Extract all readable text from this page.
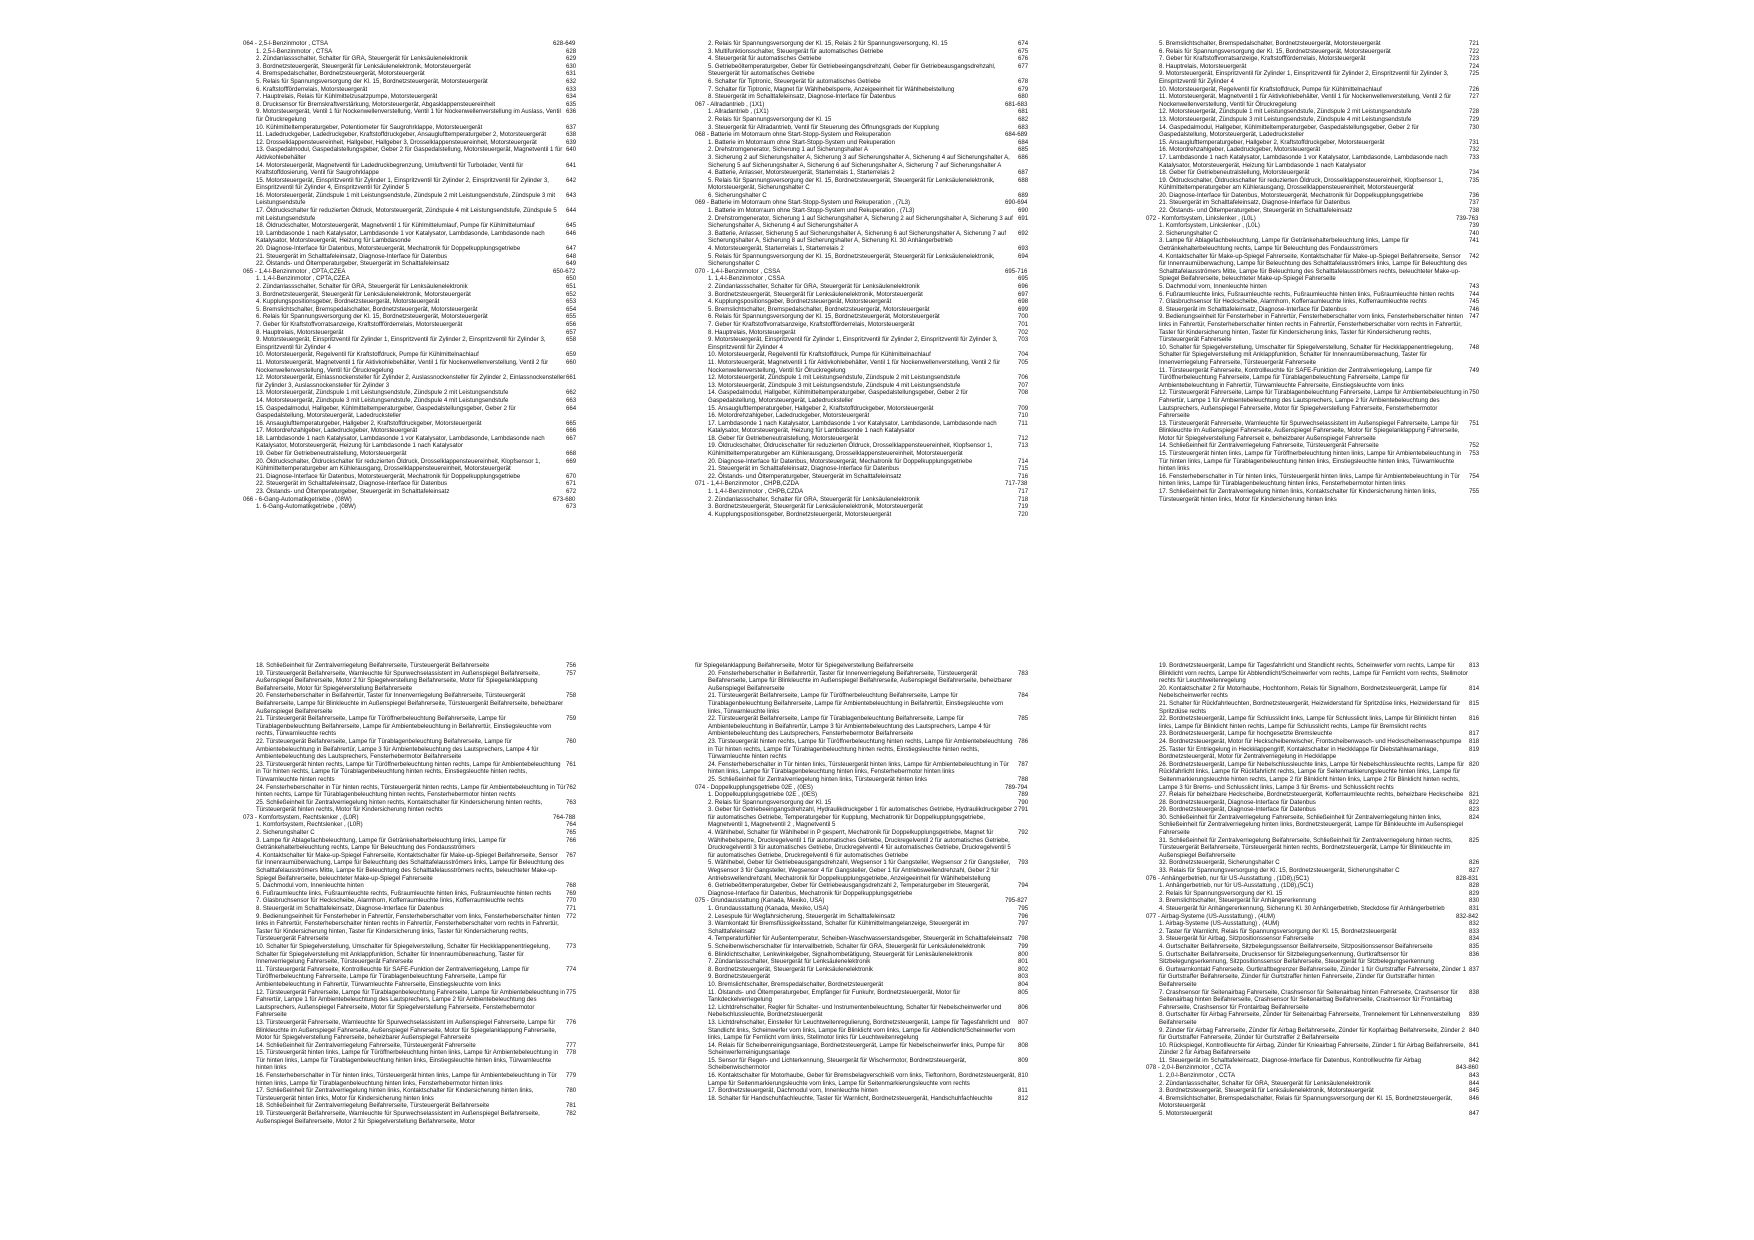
064 - 2,5-l-Benzinmotor , CTSA	628-649
1. 2,5-l-Benzinmotor , CTSA	628
2. Zündanlassschalter, Schalter für GRA, Steuergerät für Lenksäulenelektronik	629
3. Bordnetzsteuergerät, Steuergerät für Lenksäulenelektronik, Motorsteuergerät	630
4. Bremspedalschalter, Bordnetzsteuergerät, Motorsteuergerät	631
5. Relais für Spannungsversorgung der Kl. 15, Bordnetzsteuergerät, Motorsteuergerät	632
6. Kraftstoffförderrelais, Motorsteuergerät	633
7. Hauptrelais, Relais für Kühlmittelzusatzpumpe, Motorsteuergerät	634
8. Drucksensor für Bremskraftverstärkung, Motorsteuergerät, Abgasklappensteuereinheit	635
9. Motorsteuergerät, Ventil 1 für Nockenwellenverstellung, Ventil 1 für Nockenwellenverstellung im Auslass, Ventil für Ölruckregelung
636
10. Kühlmitteltemperaturgeber, Potentiometer für Saugrohrklappe, Motorsteuergerät	637
11. Ladedruckgeber, Ladedruckgeber, Kraftstoffdruckgeber, Ansauglufttemperaturgeber 2, Motorsteuergerät	638
12. Drosselklappensteuereinheit, Hallgeber, Hallgeber 3, Drosselklappensteuereinheit, Motorsteuergerät	639
13. Gaspedalmodul, Gaspedalstellungsgeber, Geber 2 für Gaspedalstellung, Motorsteuergerät, Magnetventil 1 für Aktivkohlebehälter
640
14. Motorsteuergerät, Magnetventil für Ladedruckbegrenzung, Umluftventil für Turbolader, Ventil für Kraftstoffdosierung, Ventil für Saugrohrklappe
641
15. Motorsteuergerät, Einspritzventil für Zylinder 1, Einspritzventil für Zylinder 2, Einspritzventil für Zylinder 3, Einspritzventil für Zylinder 4, Einspritzventil für Zylinder 5
642
16. Motorsteuergerät, Zündspule 1 mit Leistungsendstufe, Zündspule 2 mit Leistungsendstufe, Zündspule 3 mit Leistungsendstufe
643
17. Öldruckschalter für reduzierten Öldruck, Motorsteuergerät, Zündspule 4 mit Leistungsendstufe, Zündspule 5 mit Leistungsendstufe
644
18. Öldruckschalter, Motorsteuergerät, Magnetventil 1 für Kühlmittelumlauf, Pumpe für Kühlmittelumlauf	645
19. Lambdasonde 1 nach Katalysator, Lambdasonde 1 vor Katalysator, Lambdasonde, Lambdasonde nach Katalysator, Motorsteuergerät, Heizung für Lambdasonde
646
20. Diagnose-Interface für Datenbus, Motorsteuergerät, Mechatronik für Doppelkupplungsgetriebe	647
21. Steuergerät im Schalttafeleinsatz, Diagnose-Interface für Datenbus	648
22. Ölstands- und Öltemperaturgeber, Steuergerät im Schalttafeleinsatz	649
065 - 1,4-l-Benzinmotor , CPTA,CZEA	650-672
1. 1,4-l-Benzinmotor , CPTA,CZEA	650
2. Zündanlassschalter, Schalter für GRA, Steuergerät für Lenksäulenelektronik	651
3. Bordnetzsteuergerät, Steuergerät für Lenksäulenelektronik, Motorsteuergerät	652
4. Kupplungspositionsgeber, Bordnetzsteuergerät, Motorsteuergerät	653
5. Bremslichtschalter, Bremspedalschalter, Bordnetzsteuergerät, Motorsteuergerät	654
6. Relais für Spannungsversorgung der Kl. 15, Bordnetzsteuergerät, Motorsteuergerät	655
7. Geber für Kraftstoffvorratsanzeige, Kraftstoffförderrelais, Motorsteuergerät	656
8. Hauptrelais, Motorsteuergerät	657
9. Motorsteuergerät, Einspritzventil für Zylinder 1, Einspritzventil für Zylinder 2, Einspritzventil für Zylinder 3, Einspritzventil für Zylinder 4
658
10. Motorsteuergerät, Regelventil für Kraftstoffdruck, Pumpe für Kühlmittelnachlauf	659
11. Motorsteuergerät, Magnetventil 1 für Aktivkohlebehälter, Ventil 1 für Nockenwellenverstellung, Ventil 2 für Nockenwellenverstellung, Ventil für Ölruckregelung
660
12. Motorsteuergerät, Einlassnockensteller für Zylinder 2, Auslassnockensteller für Zylinder 2, Einlassnockensteller für Zylinder 3, Auslassnockensteller für Zylinder 3
661
13. Motorsteuergerät, Zündspule 1 mit Leistungsendstufe, Zündspule 2 mit Leistungsendstufe	662
14. Motorsteuergerät, Zündspule 3 mit Leistungsendstufe, Zündspule 4 mit Leistungsendstufe	663
15. Gaspedalmodul, Hallgeber, Kühlmitteltemperaturgeber, Gaspedalstellungsgeber, Geber 2 für Gaspedalstellung, Motorsteuergerät, Ladedrucksteller
664
16. Ansauglufttemperaturgeber, Hallgeber 2, Kraftstoffdruckgeber, Motorsteuergerät	665
17. Motordrehzahlgeber, Ladedruckgeber, Motorsteuergerät	666
18. Lambdasonde 1 nach Katalysator, Lambdasonde 1 vor Katalysator, Lambdasonde, Lambdasonde nach Katalysator, Motorsteuergerät, Heizung für Lambdasonde 1 nach Katalysator
667
19. Geber für Getriebeneutralstellung, Motorsteuergerät	668
20. Öldruckschalter, Öldruckschalter für reduzierten Öldruck, Drosselklappensteuereinheit, Klopfsensor 1, Kühlmitteltemperaturgeber am Kühlerausgang, Drosselklappensteuereinheit, Motorsteuergerät
669
21. Diagnose-Interface für Datenbus, Motorsteuergerät, Mechatronik für Doppelkupplungsgetriebe	670
22. Steuergerät im Schalttafeleinsatz, Diagnose-Interface für Datenbus	671
23. Ölstands- und Öltemperaturgeber, Steuergerät im Schalttafeleinsatz	672
066 - 6-Gang-Automatikgetriebe , (08W)	673-680
1. 6-Gang-Automatikgetriebe , (08W)	673
2. Relais für Spannungsversorgung der Kl. 15, Relais 2 für Spannungsversorgung, Kl. 15	674
3. Multifunktionsschalter, Steuergerät für automatisches Getriebe	675
4. Steuergerät für automatisches Getriebe	676
5. Getriebeöltemperaturgeber, Geber für Getriebeeingangsdrehzahl, Geber für Getriebeausgangsdrehzahl, Steuergerät für automatisches Getriebe
677
6. Schalter für Tiptronic, Steuergerät für automatisches Getriebe	678
7. Schalter für Tiptronic, Magnet für Wählhebelsperre, Anzeigeeinheit für Wählhebelstellung	679
8. Steuergerät im Schalttafeleinsatz, Diagnose-Interface für Datenbus	680
067 - Allradantrieb , (1X1)	681-683
1. Allradantrieb , (1X1)	681
2. Relais für Spannungsversorgung der Kl. 15	682
3. Steuergerät für Allradantrieb, Ventil für Steuerung des Öffnungsgrads der Kupplung	683
068 - Batterie im Motorraum ohne Start-Stopp-System und Rekuperation	684-689
1. Batterie im Motorraum ohne Start-Stopp-System und Rekuperation	684
2. Drehstromgenerator, Sicherung 1 auf Sicherungshalter A	685
3. Sicherung 2 auf Sicherungshalter A, Sicherung 3 auf Sicherungshalter A, Sicherung 4 auf Sicherungshalter A, Sicherung 5 auf Sicherungshalter A, Sicherung 6 auf Sicherungshalter A, Sicherung 7 auf Sicherungshalter A
686
4. Batterie, Anlasser, Motorsteuergerät, Starterrelais 1, Starterrelais 2	687
5. Relais für Spannungsversorgung der Kl. 15, Bordnetzsteuergerät, Steuergerät für Lenksäulenelektronik, Motorsteuergerät, Sicherungshalter C
688
6. Sicherungshalter C	689
069 - Batterie im Motorraum ohne Start-Stopp-System und Rekuperation , (7L3)	690-694
1. Batterie im Motorraum ohne Start-Stopp-System und Rekuperation , (7L3)	690
2. Drehstromgenerator, Sicherung 1 auf Sicherungshalter A, Sicherung 2 auf Sicherungshalter A, Sicherung 3 auf Sicherungshalter A, Sicherung 4 auf Sicherungshalter A
691
3. Batterie, Anlasser, Sicherung 5 auf Sicherungshalter A, Sicherung 6 auf Sicherungshalter A, Sicherung 7 auf Sicherungshalter A, Sicherung 8 auf Sicherungshalter A, Sicherung Kl. 30 Anhängerbetrieb
692
4. Motorsteuergerät, Starterrelais 1, Starterrelais 2	693
5. Relais für Spannungsversorgung der Kl. 15, Bordnetzsteuergerät, Steuergerät für Lenksäulenelektronik, Sicherungshalter C
694
070 - 1,4-l-Benzinmotor , CSSA	695-716
1. 1,4-l-Benzinmotor , CSSA	695
2. Zündanlassschalter, Schalter für GRA, Steuergerät für Lenksäulenelektronik	696
3. Bordnetzsteuergerät, Steuergerät für Lenksäulenelektronik, Motorsteuergerät	697
4. Kupplungspositionsgeber, Bordnetzsteuergerät, Motorsteuergerät	698
5. Bremslichtschalter, Bremspedalschalter, Bordnetzsteuergerät, Motorsteuergerät	699
6. Relais für Spannungsversorgung der Kl. 15, Bordnetzsteuergerät, Motorsteuergerät	700
7. Geber für Kraftstoffvorratsanzeige, Kraftstoffförderrelais, Motorsteuergerät	701
8. Hauptrelais, Motorsteuergerät	702
9. Motorsteuergerät, Einspritzventil für Zylinder 1, Einspritzventil für Zylinder 2, Einspritzventil für Zylinder 3, Einspritzventil für Zylinder 4
703
10. Motorsteuergerät, Regelventil für Kraftstoffdruck, Pumpe für Kühlmittelnachlauf	704
11. Motorsteuergerät, Magnetventil 1 für Aktivkohlebehälter, Ventil 1 für Nockenwellenverstellung, Ventil 2 für Nockenwellenverstellung, Ventil für Ölruckregelung
705
12. Motorsteuergerät, Zündspule 1 mit Leistungsendstufe, Zündspule 2 mit Leistungsendstufe	706
13. Motorsteuergerät, Zündspule 3 mit Leistungsendstufe, Zündspule 4 mit Leistungsendstufe	707
14. Gaspedalmodul, Hallgeber, Kühlmitteltemperaturgeber, Gaspedalstellungsgeber, Geber 2 für Gaspedalstellung, Motorsteuergerät, Ladedrucksteller
708
15. Ansauglufttemperaturgeber, Hallgeber 2, Kraftstoffdruckgeber, Motorsteuergerät	709
16. Motordrehzahlgeber, Ladedruckgeber, Motorsteuergerät	710
17. Lambdasonde 1 nach Katalysator, Lambdasonde 1 vor Katalysator, Lambdasonde, Lambdasonde nach Katalysator, Motorsteuergerät, Heizung für Lambdasonde 1 nach Katalysator
711
18. Geber für Getriebeneutralstellung, Motorsteuergerät	712
19. Öldruckschalter, Öldruckschalter für reduzierten Öldruck, Drosselklappensteuereinheit, Klopfsensor 1, Kühlmitteltemperaturgeber am Kühlerausgang, Drosselklappensteuereinheit, Motorsteuergerät
713
20. Diagnose-Interface für Datenbus, Motorsteuergerät, Mechatronik für Doppelkupplungsgetriebe	714
21. Steuergerät im Schalttafeleinsatz, Diagnose-Interface für Datenbus	715
22. Ölstands- und Öltemperaturgeber, Steuergerät im Schalttafeleinsatz	716
071 - 1,4-l-Benzinmotor , CHPB,CZDA	717-738
1. 1,4-l-Benzinmotor , CHPB,CZDA	717
2. Zündanlassschalter, Schalter für GRA, Steuergerät für Lenksäulenelektronik	718
3. Bordnetzsteuergerät, Steuergerät für Lenksäulenelektronik, Motorsteuergerät	719
4. Kupplungspositionsgeber, Bordnetzsteuergerät, Motorsteuergerät	720
5. Bremslichtschalter, Bremspedalschalter, Bordnetzsteuergerät, Motorsteuergerät	721
6. Relais für Spannungsversorgung der Kl. 15, Bordnetzsteuergerät, Motorsteuergerät	722
7. Geber für Kraftstoffvorratsanzeige, Kraftstoffförderrelais, Motorsteuergerät	723
8. Hauptrelais, Motorsteuergerät	724
9. Motorsteuergerät, Einspritzventil für Zylinder 1, Einspritzventil für Zylinder 2, Einspritzventil für Zylinder 3, Einspritzventil für Zylinder 4
725
10. Motorsteuergerät, Regelventil für Kraftstoffdruck, Pumpe für Kühlmittelnachlauf	726
11. Motorsteuergerät, Magnetventil 1 für Aktivkohlebehälter, Ventil 1 für Nockenwellenverstellung, Ventil 2 für Nockenwellenverstellung, Ventil für Ölruckregelung
727
12. Motorsteuergerät, Zündspule 1 mit Leistungsendstufe, Zündspule 2 mit Leistungsendstufe	728
13. Motorsteuergerät, Zündspule 3 mit Leistungsendstufe, Zündspule 4 mit Leistungsendstufe	729
14. Gaspedalmodul, Hallgeber, Kühlmitteltemperaturgeber, Gaspedalstellungsgeber, Geber 2 für Gaspedalstellung, Motorsteuergerät, Ladedrucksteller
730
15. Ansauglufttemperaturgeber, Hallgeber 2, Kraftstoffdruckgeber, Motorsteuergerät	731
16. Motordrehzahlgeber, Ladedruckgeber, Motorsteuergerät	732
17. Lambdasonde 1 nach Katalysator, Lambdasonde 1 vor Katalysator, Lambdasonde, Lambdasonde nach Katalysator, Motorsteuergerät, Heizung für Lambdasonde 1 nach Katalysator
733
18. Geber für Getriebeneutralstellung, Motorsteuergerät	734
19. Öldruckschalter, Öldruckschalter für reduzierten Öldruck, Drosselklappensteuereinheit, Klopfsensor 1, Kühlmitteltemperaturgeber am Kühlerausgang, Drosselklappensteuereinheit, Motorsteuergerät
735
20. Diagnose-Interface für Datenbus, Motorsteuergerät, Mechatronik für Doppelkupplungsgetriebe	736
21. Steuergerät im Schalttafeleinsatz, Diagnose-Interface für Datenbus	737
22. Ölstands- und Öltemperaturgeber, Steuergerät im Schalttafeleinsatz	738
072 - Komfortsystem, Linkslenker , (L0L)	739-763
1. Komfortsystem, Linkslenker , (L0L)	739
2. Sicherungshalter C	740
3. Lampe für Ablagefachbeleuchtung, Lampe für Getränkehalterbeleuchtung links, Lampe für Getränkehalterbeleuchtung rechts, Lampe für Beleuchtung des Fondausströmers
741
4. Kontaktschalter für Make-up-Spiegel Fahrerseite, Kontaktschalter für Make-up-Spiegel Beifahrerseite, Sensor für Innenraumüberwachung, Lampe für Beleuchtung des Schalttafelausströmers links, Lampe für Beleuchtung des Schalttafelausströmers Mitte, Lampe für Beleuchtung des Schalttafelausströmers rechts, beleuchteter Make-up-Spiegel Beifahrerseite, beleuchteter Make-up-Spiegel Fahrerseite
742
5. Dachmodul vorn, Innenleuchte hinten	743
6. Fußraumleuchte links, Fußraumleuchte rechts, Fußraumleuchte hinten links, Fußraumleuchte hinten rechts	744
7. Glasbruchsensor für Heckscheibe, Alarmhorn, Kofferraumleuchte links, Kofferraumleuchte rechts	745
8. Steuergerät im Schalttafeleinsatz, Diagnose-Interface für Datenbus	746
9. Bedienungseinheit für Fensterheber in Fahrertür, Fensterheberschalter vorn links, Fensterheberschalter hinten links in Fahrertür, Fensterheberschalter hinten rechts in Fahrertür, Fensterheberschalter vorn rechts in Fahrertür, Taster für Kindersicherung hinten, Taster für Kindersicherung links, Taster für Kindersicherung rechts, Türsteuergerät Fahrerseite
747
10. Schalter für Spiegelverstellung, Umschalter für Spiegelverstellung, Schalter für Heckklappenentriegelung, Schalter für Spiegelverstellung mit Anklappfunktion, Schalter für Innenraumüberwachung, Taster für Innenverriegelung Fahrerseite, Türsteuergerät Fahrerseite
748
11. Türsteuergerät Fahrerseite, Kontrollleuchte für SAFE-Funktion der Zentralverriegelung, Lampe für Türöffnerbeleuchtung Fahrerseite, Lampe für Türablagenbeleuchtung Fahrerseite, Lampe für Ambientebeleuchtung in Fahrertür, Türwarnleuchte Fahrerseite, Einstiegsleuchte vorn links
749
12. Türsteuergerät Fahrerseite, Lampe für Türablagenbeleuchtung Fahrerseite, Lampe für Ambientebeleuchtung in Fahrertür, Lampe 1 für Ambientebeleuchtung des Lautsprechers, Lampe 2 für Ambientebeleuchtung des Lautsprechers, Außenspiegel Fahrerseite, Motor für Spiegelverstellung Fahrerseite, Fensterhebermotor Fahrerseite
750
13. Türsteuergerät Fahrerseite, Warnleuchte für Spurwechselassistent im Außenspiegel Fahrerseite, Lampe für Blinkleuchte im Außenspiegel Fahrerseite, Außenspiegel Fahrerseite, Motor für Spiegelanklappung Fahrerseite, Motor für Spiegelverstellung Fahrerseit e, beheizbarer Außenspiegel Fahrerseite
751
14. Schließeinheit für Zentralverriegelung Fahrerseite, Türsteuergerät Fahrerseite	752
15. Türsteuergerät hinten links, Lampe für Türöffnerbeleuchtung hinten links, Lampe für Ambientebeleuchtung in Tür hinten links, Lampe für Türablagenbeleuchtung hinten links, Einstiegsleuchte hinten links, Türwarnleuchte hinten links
753
16. Fensterheberschalter in Tür hinten links, Türsteuergerät hinten links, Lampe für Ambientebeleuchtung in Tür hinten links, Lampe für Türablagenbeleuchtung hinten links, Fensterhebermotor hinten links
754
17. Schließeinheit für Zentralverriegelung hinten links, Kontaktschalter für Kindersicherung hinten links, Türsteuergerät hinten links, Motor für Kindersicherung hinten links
755
18. Schließeinheit für Zentralverriegelung Beifahrerseite, Türsteuergerät Beifahrerseite	756
19. Türsteuergerät Beifahrerseite, Warnleuchte für Spurwechselassistent im Außenspiegel Beifahrerseite, Außenspiegel Beifahrerseite, Motor 2 für Spiegelverstellung Beifahrerseite, Motor für Spiegelanklappung Beifahrerseite, Motor für Spiegelverstellung Beifahrerseite
757
20. Fensterheberschalter in Beifahrertür, Taster für Innenverriegelung Beifahrerseite, Türsteuergerät Beifahrerseite, Lampe für Blinkleuchte im Außenspiegel Beifahrerseite, Türsteuergerät Beifahrerseite, beheizbarer Außenspiegel Beifahrerseite
758
21. Türsteuergerät Beifahrerseite, Lampe für Türöffnerbeleuchtung Beifahrerseite, Lampe für Türablagenbeleuchtung Beifahrerseite, Lampe für Ambientebeleuchtung in Beifahrertür, Einstiegsleuchte vorn rechts, Türwarnleuchte rechts
759
22. Türsteuergerät Beifahrerseite, Lampe für Türablagenbeleuchtung Beifahrerseite, Lampe für Ambientebeleuchtung in Beifahrertür, Lampe 3 für Ambientebeleuchtung des Lautsprechers, Lampe 4 für Ambientebeleuchtung des Lautsprechers, Fensterhebermotor Beifahrerseite
760
23. Türsteuergerät hinten rechts, Lampe für Türöffnerbeleuchtung hinten rechts, Lampe für Ambientebeleuchtung in Tür hinten rechts, Lampe für Türablagenbeleuchtung hinten rechts, Einstiegsleuchte hinten rechts, Türwarnleuchte hinten rechts
761
24. Fensterheberschalter in Tür hinten rechts, Türsteuergerät hinten rechts, Lampe für Ambientebeleuchtung in Tür hinten rechts, Lampe für Türablagenbeleuchtung hinten rechts, Fensterhebermotor hinten rechts
762
25. Schließeinheit für Zentralverriegelung hinten rechts, Kontaktschalter für Kindersicherung hinten rechts, Türsteuergerät hinten rechts, Motor für Kindersicherung hinten rechts
763
073 - Komfortsystem, Rechtslenker , (L0R)	764-788
1. Komfortsystem, Rechtslenker , (L0R)	764
2. Sicherungshalter C	765
3. Lampe für Ablagefachbeleuchtung, Lampe für Getränkehalterbeleuchtung links, Lampe für Getränkehalterbeleuchtung rechts, Lampe für Beleuchtung des Fondausströmers
766
4. Kontaktschalter für Make-up-Spiegel Fahrerseite, Kontaktschalter für Make-up-Spiegel Beifahrerseite, Sensor für Innenraumüberwachung, Lampe für Beleuchtung des Schalttafelausströmers links, Lampe für Beleuchtung des Schalttafelausströmers Mitte, Lampe für Beleuchtung des Schalttafelausströmers rechts, beleuchteter Make-up-Spiegel Beifahrerseite, beleuchteter Make-up-Spiegel Fahrerseite
767
5. Dachmodul vorn, Innenleuchte hinten	768
6. Fußraumleuchte links, Fußraumleuchte rechts, Fußraumleuchte hinten links, Fußraumleuchte hinten rechts	769
7. Glasbruchsensor für Heckscheibe, Alarmhorn, Kofferraumleuchte links, Kofferraumleuchte rechts	770
8. Steuergerät im Schalttafeleinsatz, Diagnose-Interface für Datenbus	771
9. Bedienungseinheit für Fensterheber in Fahrertür, Fensterheberschalter vorn links, Fensterheberschalter hinten links in Fahrertür, Fensterheberschalter hinten rechts in Fahrertür, Fensterheberschalter vorn rechts in Fahrertür, Taster für Kindersicherung hinten, Taster für Kindersicherung links, Taster für Kindersicherung rechts, Türsteuergerät Fahrerseite
772
10. Schalter für Spiegelverstellung, Umschalter für Spiegelverstellung, Schalter für Heckklappenentriegelung, Schalter für Spiegelverstellung mit Anklappfunktion, Schalter für Innenraumüberwachung, Taster für Innenverriegelung Fahrerseite, Türsteuergerät Fahrerseite
773
11. Türsteuergerät Fahrerseite, Kontrollleuchte für SAFE-Funktion der Zentralverriegelung, Lampe für Türöffnerbeleuchtung Fahrerseite, Lampe für Türablagenbeleuchtung Fahrerseite, Lampe für Ambientebeleuchtung in Fahrertür, Türwarnleuchte Fahrerseite, Einstiegsleuchte vorn links
774
12. Türsteuergerät Fahrerseite, Lampe für Türablagenbeleuchtung Fahrerseite, Lampe für Ambientebeleuchtung in Fahrertür, Lampe 1 für Ambientebeleuchtung des Lautsprechers, Lampe 2 für Ambientebeleuchtung des Lautsprechers, Außenspiegel Fahrerseite, Motor für Spiegelverstellung Fahrerseite, Fensterhebermotor Fahrerseite
775
13. Türsteuergerät Fahrerseite, Warnleuchte für Spurwechselassistent im Außenspiegel Fahrerseite, Lampe für Blinkleuchte im Außenspiegel Fahrerseite, Außenspiegel Fahrerseite, Motor für Spiegelanklappung Fahrerseite, Motor für Spiegelverstellung Fahrerseite, beheizbarer Außenspiegel Fahrerseite
776
14. Schließeinheit für Zentralverriegelung Fahrerseite, Türsteuergerät Fahrerseite	777
15. Türsteuergerät hinten links, Lampe für Türöffnerbeleuchtung hinten links, Lampe für Ambientebeleuchtung in Tür hinten links, Lampe für Türablagenbeleuchtung hinten links, Einstiegsleuchte hinten links, Türwarnleuchte hinten links
778
16. Fensterheberschalter in Tür hinten links, Türsteuergerät hinten links, Lampe für Ambientebeleuchtung in Tür hinten links, Lampe für Türablagenbeleuchtung hinten links, Fensterhebermotor hinten links
779
17. Schließeinheit für Zentralverriegelung hinten links, Kontaktschalter für Kindersicherung hinten links, Türsteuergerät hinten links, Motor für Kindersicherung hinten links
780
18. Schließeinheit für Zentralverriegelung Beifahrerseite, Türsteuergerät Beifahrerseite	781
19. Türsteuergerät Beifahrerseite, Warnleuchte für Spurwechselassistent im Außenspiegel Beifahrerseite, Außenspiegel Beifahrerseite, Motor 2 für Spiegelverstellung Beifahrerseite, Motor
782
für Spiegelanklappung Beifahrerseite, Motor für Spiegelverstellung Beifahrerseite
20. Fensterheberschalter in Beifahrertür, Taster für Innenverriegelung Beifahrerseite, Türsteuergerät Beifahrerseite, Lampe für Blinkleuchte im Außenspiegel Beifahrerseite, Außenspiegel Beifahrerseite, beheizbarer Außenspiegel Beifahrerseite
783
21. Türsteuergerät Beifahrerseite, Lampe für Türöffnerbeleuchtung Beifahrerseite, Lampe für Türablagenbeleuchtung Beifahrerseite, Lampe für Ambientebeleuchtung in Beifahrertür, Einstiegsleuchte vorn links, Türwarnleuchte links
784
22. Türsteuergerät Beifahrerseite, Lampe für Türablagenbeleuchtung Beifahrerseite, Lampe für Ambientebeleuchtung in Beifahrertür, Lampe 3 für Ambientebeleuchtung des Lautsprechers, Lampe 4 für Ambientebeleuchtung des Lautsprechers, Fensterhebermotor Beifahrerseite
785
23. Türsteuergerät hinten rechts, Lampe für Türöffnerbeleuchtung hinten rechts, Lampe für Ambientebeleuchtung in Tür hinten rechts, Lampe für Türablagenbeleuchtung hinten rechts, Einstiegsleuchte hinten rechts, Türwarnleuchte hinten rechts
786
24. Fensterheberschalter in Tür hinten links, Türsteuergerät hinten links, Lampe für Ambientebeleuchtung in Tür hinten links, Lampe für Türablagenbeleuchtung hinten links, Fensterhebermotor hinten links
787
25. Schließeinheit für Zentralverriegelung hinten links, Türsteuergerät hinten links	788
074 - Doppelkupplungsgetriebe 02E , (0ES)	789-794
1. Doppelkupplungsgetriebe 02E , (0ES)	789
2. Relais für Spannungsversorgung der Kl. 15	790
3. Geber für Getriebeeingangsdrehzahl, Hydraulikdruckgeber 1 für automatisches Getriebe, Hydraulikdruckgeber 2 für automatisches Getriebe, Temperaturgeber für Kupplung, Mechatronik für Doppelkupplungsgetriebe, Magnetventil 1, Magnetventil 2 , Magnetventil 5
791
4. Wählhebel, Schalter für Wählhebel in P gesperrt, Mechatronik für Doppelkupplungsgetriebe, Magnet für Wählhebelsperre, Druckregelventil 1 für automatisches Getriebe, Druckregelventil 2 für automatisches Getriebe, Druckregelventil 3 für automatisches Getriebe, Druckregelventil 4 für automatisches Getriebe, Druckregelventil 5 für automatisches Getriebe, Druckregelventil 6 für automatisches Getriebe
792
5. Wählhebel, Geber für Getriebeausgangsdrehzahl, Wegsensor 1 für Gangsteller, Wegsensor 2 für Gangsteller, Wegsensor 3 für Gangsteller, Wegsensor 4 für Gangsteller, Geber 1 für Antriebswellendrehzahl, Geber 2 für Antriebswellendrehzahl, Mechatronik für Doppelkupplungsgetriebe, Anzeigeeinheit für Wählhebelstellung
793
6. Getriebeöltemperaturgeber, Geber für Getriebeausgangsdrehzahl 2, Temperaturgeber im Steuergerät, Diagnose-Interface für Datenbus, Mechatronik für Doppelkupplungsgetriebe
794
075 - Grundausstattung (Kanada, Mexiko, USA)	795-827
1. Grundausstattung (Kanada, Mexiko, USA)	795
2. Lesespule für Wegfahrsicherung, Steuergerät im Schalttafeleinsatz	796
3. Warnkontakt für Bremsflüssigkeitsstand, Schalter für Kühlmittelmangelanzeige, Steuergerät im Schalttafeleinsatz
797
4. Temperaturfühler für Außentemperatur, Scheiben-Waschwasserstandsgeber, Steuergerät im Schalttafeleinsatz 798
5. Scheibenwischerschalter für Intervallbetrieb, Schalter für GRA, Steuergerät für Lenksäulenelektronik	799
6. Blinklichtschalter, Lenkwinkelgeber, Signalhornbetätigung, Steuergerät für Lenksäulenelektronik	800
7. Zündanlassschalter, Steuergerät für Lenksäulenelektronik	801
8. Bordnetzsteuergerät, Steuergerät für Lenksäulenelektronik	802
9. Bordnetzsteuergerät	803
10. Bremslichtschalter, Bremspedalschalter, Bordnetzsteuergerät	804
11. Ölstands- und Öltemperaturgeber, Empfänger für Funkuhr, Bordnetzsteuergerät, Motor für Tankdeckelverriegelung
805
12. Lichtdrehschalter, Regler für Schalter- und Instrumentenbeleuchtung, Schalter für Nebelscheinwerfer und Nebelschlussleuchte, Bordnetzsteuergerät
806
13. Lichtdrehschalter, Einsteller für Leuchtweitenregulierung, Bordnetzsteuergerät, Lampe für Tagesfahrlicht und Standlicht links, Scheinwerfer vorn links, Lampe für Blinklicht vorn links, Lampe für Abblendlicht/Scheinwerfer vorn links, Lampe für Fernlicht vorn links, Stellmotor links für Leuchtweitenregelung
807
14. Relais für Scheibenreinigungsanlage, Bordnetzsteuergerät, Lampe für Nebelscheinwerfer links, Pumpe für Scheinwerferreinigungsanlage
808
15. Sensor für Regen- und Lichterkennung, Steuergerät für Wischermotor, Bordnetzsteuergerät, Scheibenwischermotor
809
16. Kontaktschalter für Motorhaube, Geber für Bremsbelagverschleiß vorn links, Tieftonhorn, Bordnetzsteuergerät, Lampe für Seitenmarkierungsleuchte vorn links, Lampe für Seitenmarkierungsleuchte vorn rechts
810
17. Bordnetzsteuergerät, Dachmodul vorn, Innenleuchte hinten	811
18. Schalter für Handschuhfachleuchte, Taster für Warnlicht, Bordnetzsteuergerät, Handschuhfachleuchte	812
19. Bordnetzsteuergerät, Lampe für Tagesfahrlicht und Standlicht rechts, Scheinwerfer vorn rechts, Lampe für Blinklicht vorn rechts, Lampe für Abblendlicht/Scheinwerfer vorn rechts, Lampe für Fernlicht vorn rechts, Stellmotor rechts für Leuchtweitenregelung
813
20. Kontaktschalter 2 für Motorhaube, Hochtonhorn, Relais für Signalhorn, Bordnetzsteuergerät, Lampe für Nebelscheinwerfer rechts
814
21. Schalter für Rückfahrleuchten, Bordnetzsteuergerät, Heizwiderstand für Spritzdüse links, Heizwiderstand für Spritzdüse rechts
815
22. Bordnetzsteuergerät, Lampe für Schlusslicht links, Lampe für Schlusslicht links, Lampe für Blinklicht hinten links, Lampe für Blinklicht hinten rechts, Lampe für Schlusslicht rechts, Lampe für Bremslicht rechts
816
23. Bordnetzsteuergerät, Lampe für hochgesetzte Bremsleuchte	817
24. Bordnetzsteuergerät, Motor für Heckscheibenwischer, Frontscheibenwasch- und Heckscheibenwaschpumpe	818
25. Taster für Entriegelung in Heckklappengriff, Kontaktschalter in Heckklappe für Diebstahlwarnanlage, Bordnetzsteuergerät, Motor für Zentralverriegelung in Heckklappe
819
26. Bordnetzsteuergerät, Lampe für Nebelschlussleuchte links, Lampe für Nebelschlussleuchte rechts, Lampe für Rückfahrlicht links, Lampe für Rückfahrlicht rechts, Lampe für Seitenmarkierungsleuchte hinten links, Lampe für Seitenmarkierungsleuchte hinten rechts, Lampe 2 für Blinklicht hinten links, Lampe 2 für Blinklicht hinten rechts, Lampe 3 für Brems- und Schlusslicht links, Lampe 3 für Brems- und Schlusslicht rechts
820
27. Relais für beheizbare Heckscheibe, Bordnetzsteuergerät, Kofferraumleuchte rechts, beheizbare Heckscheibe 821
28. Bordnetzsteuergerät, Diagnose-Interface für Datenbus	822
29. Bordnetzsteuergerät, Diagnose-Interface für Datenbus	823
30. Schließeinheit für Zentralverriegelung Fahrerseite, Schließeinheit für Zentralverriegelung hinten links, Schließeinheit für Zentralverriegelung hinten links, Bordnetzsteuergerät, Lampe für Blinkleuchte im Außenspiegel Fahrerseite
824
31. Schließeinheit für Zentralverriegelung Beifahrerseite, Schließeinheit für Zentralverriegelung hinten rechts, Türsteuergerät Beifahrerseite, Türsteuergerät hinten rechts, Bordnetzsteuergerät, Lampe für Blinkleuchte im Außenspiegel Beifahrerseite
825
32. Bordnetzsteuergerät, Sicherungshalter C	826
33. Relais für Spannungsversorgung der Kl. 15, Bordnetzsteuergerät, Sicherungshalter C	827
076 - Anhängerbetrieb, nur für US-Ausstattung , (1D8),(5C1)	828-831
1. Anhängerbetrieb, nur für US-Ausstattung , (1D8),(5C1)	828
2. Relais für Spannungsversorgung der Kl. 15	829
3. Bremslichtschalter, Steuergerät für Anhängererkennung	830
4. Steuergerät für Anhängererkennung, Sicherung Kl. 30 Anhängerbetrieb, Steckdose für Anhängerbetrieb	831
077 - Airbag-Systeme (US-Ausstattung) , (4UM)	832-842
1. Airbag-Systeme (US-Ausstattung) , (4UM)	832
2. Taster für Warnlicht, Relais für Spannungsversorgung der Kl. 15, Bordnetzsteuergerät	833
3. Steuergerät für Airbag, Sitzpositionssensor Fahrerseite	834
4. Gurtschalter Beifahrerseite, Sitzbelegungssensor Beifahrerseite, Sitzpositionssensor Beifahrerseite	835
5. Gurtschalter Beifahrerseite, Drucksensor für Sitzbelegungserkennung, Gurtkraftsensor für Sitzbelegungserkennung, Sitzpositionssensor Beifahrerseite, Steuergerät für Sitzbelegungserkennung
836
6. Gurtwarnkontakt Fahrerseite, Gurtkraftbegrenzer Beifahrerseite, Zünder 1 für Gurtstraffer Fahrerseite, Zünder 1 für Gurtstraffer Beifahrerseite, Zünder für Gurtstraffer hinten Fahrerseite, Zünder für Gurtstraffer hinten Beifahrerseite
837
7. Crashsensor für Seitenairbag Fahrerseite, Crashsensor für Seitenairbag hinten Fahrerseite, Crashsensor für Seitenairbag hinten Beifahrerseite, Crashsensor für Seitenairbag Beifahrerseite, Crashsensor für Frontairbag Fahrerseite, Crashsensor für Frontairbag Beifahrerseite
838
8. Gurtschalter für Airbag Fahrerseite, Zünder für Seitenairbag Fahrerseite, Trennelement für Lehnenverstellung Beifahrerseite
839
9. Zünder für Airbag Fahrerseite, Zünder für Airbag Beifahrerseite, Zünder für Kopfairbag Beifahrerseite, Zünder 2 für Gurtstraffer Fahrerseite, Zünder für Gurtstraffer 2 Beifahrerseite
840
10. Rückspiegel, Kontrollleuchte für Airbag, Zünder für Knieairbag Fahrerseite, Zünder 1 für Airbag Beifahrerseite, Zünder 2 für Airbag Beifahrerseite
841
11. Steuergerät im Schalttafeleinsatz, Diagnose-Interface für Datenbus, Kontrollleuchte für Airbag	842
078 - 2,0-l-Benzinmotor , CCTA	843-860
1. 2,0-l-Benzinmotor , CCTA	843
2. Zündanlassschalter, Schalter für GRA, Steuergerät für Lenksäulenelektronik	844
3. Bordnetzsteuergerät, Steuergerät für Lenksäulenelektronik, Motorsteuergerät	845
4. Bremslichtschalter, Bremspedalschalter, Relais für Spannungsversorgung der Kl. 15, Bordnetzsteuergerät, Motorsteuergerät
846
5. Motorsteuergerät	847
